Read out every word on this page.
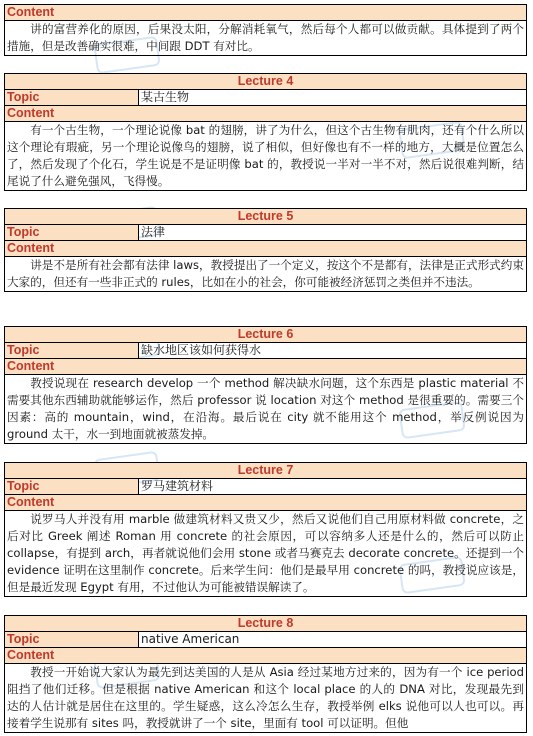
Content
讲的富营养化的原因，后果没太阳，分解消耗氧气，然后每个人都可以做贡献。具体提到了两个措施，但是改善确实很难，中间跟 DDT 有对比。
Lecture 4
Topic	某古生物
Content
有一个古生物，一个理论说像 bat 的翅膀，讲了为什么，但这个古生物有肌肉，还有个什么所以这个理论有瑕疵，另一个理论说像鸟的翅膀，说了相似，但好像也有不一样的地方，大概是位置怎么了，然后发现了个化石，学生说是不是证明像 bat 的，教授说一半对一半不对，然后说很难判断，结尾说了什么避免强风，飞得慢。
Lecture 5
Topic	法律
Content
讲是不是所有社会都有法律 laws，教授提出了一个定义，按这个不是都有，法律是正式形式约束大家的，但还有一些非正式的 rules，比如在小的社会，你可能被经济惩罚之类但并不违法。
Lecture 6
Topic	缺水地区该如何获得水
Content
教授说现在 research develop 一个 method 解决缺水问题，这个东西是 plastic material 不需要其他东西辅助就能够运作，然后 professor 说 location 对这个 method 是很重要的。需要三个因素：高的 mountain，wind，在沿海。最后说在 city 就不能用这个 method，举反例说因为 ground 太干，水一到地面就被蒸发掉。
Lecture 7
Topic	罗马建筑材料
Content
说罗马人并没有用 marble 做建筑材料又贵又少，然后又说他们自己用原材料做 concrete，之后对比 Greek 阐述 Roman 用 concrete 的社会原因，可以容纳多人还是什么的，然后可以防止 collapse，有提到 arch，再者就说他们会用 stone 或者马赛克去 decorate concrete。还提到一个 evidence 证明在这里制作 concrete。后来学生问：他们是最早用 concrete 的吗，教授说应该是，但是最近发现 Egypt 有用，不过他认为可能被错误解读了。
Lecture 8
Topic	native American
Content
教授一开始说大家认为最先到达美国的人是从 Asia 经过某地方过来的，因为有一个 ice period 阻挡了他们迁移。但是根据 native American 和这个 local place 的人的 DNA 对比，发现最先到达的人估计就是居住在这里的。学生疑惑，这么冷怎么生存，教授举例 elks 说他可以人也可以。再接着学生说那有 sites 吗，教授就讲了一个 site，里面有 tool 可以证明。但他
